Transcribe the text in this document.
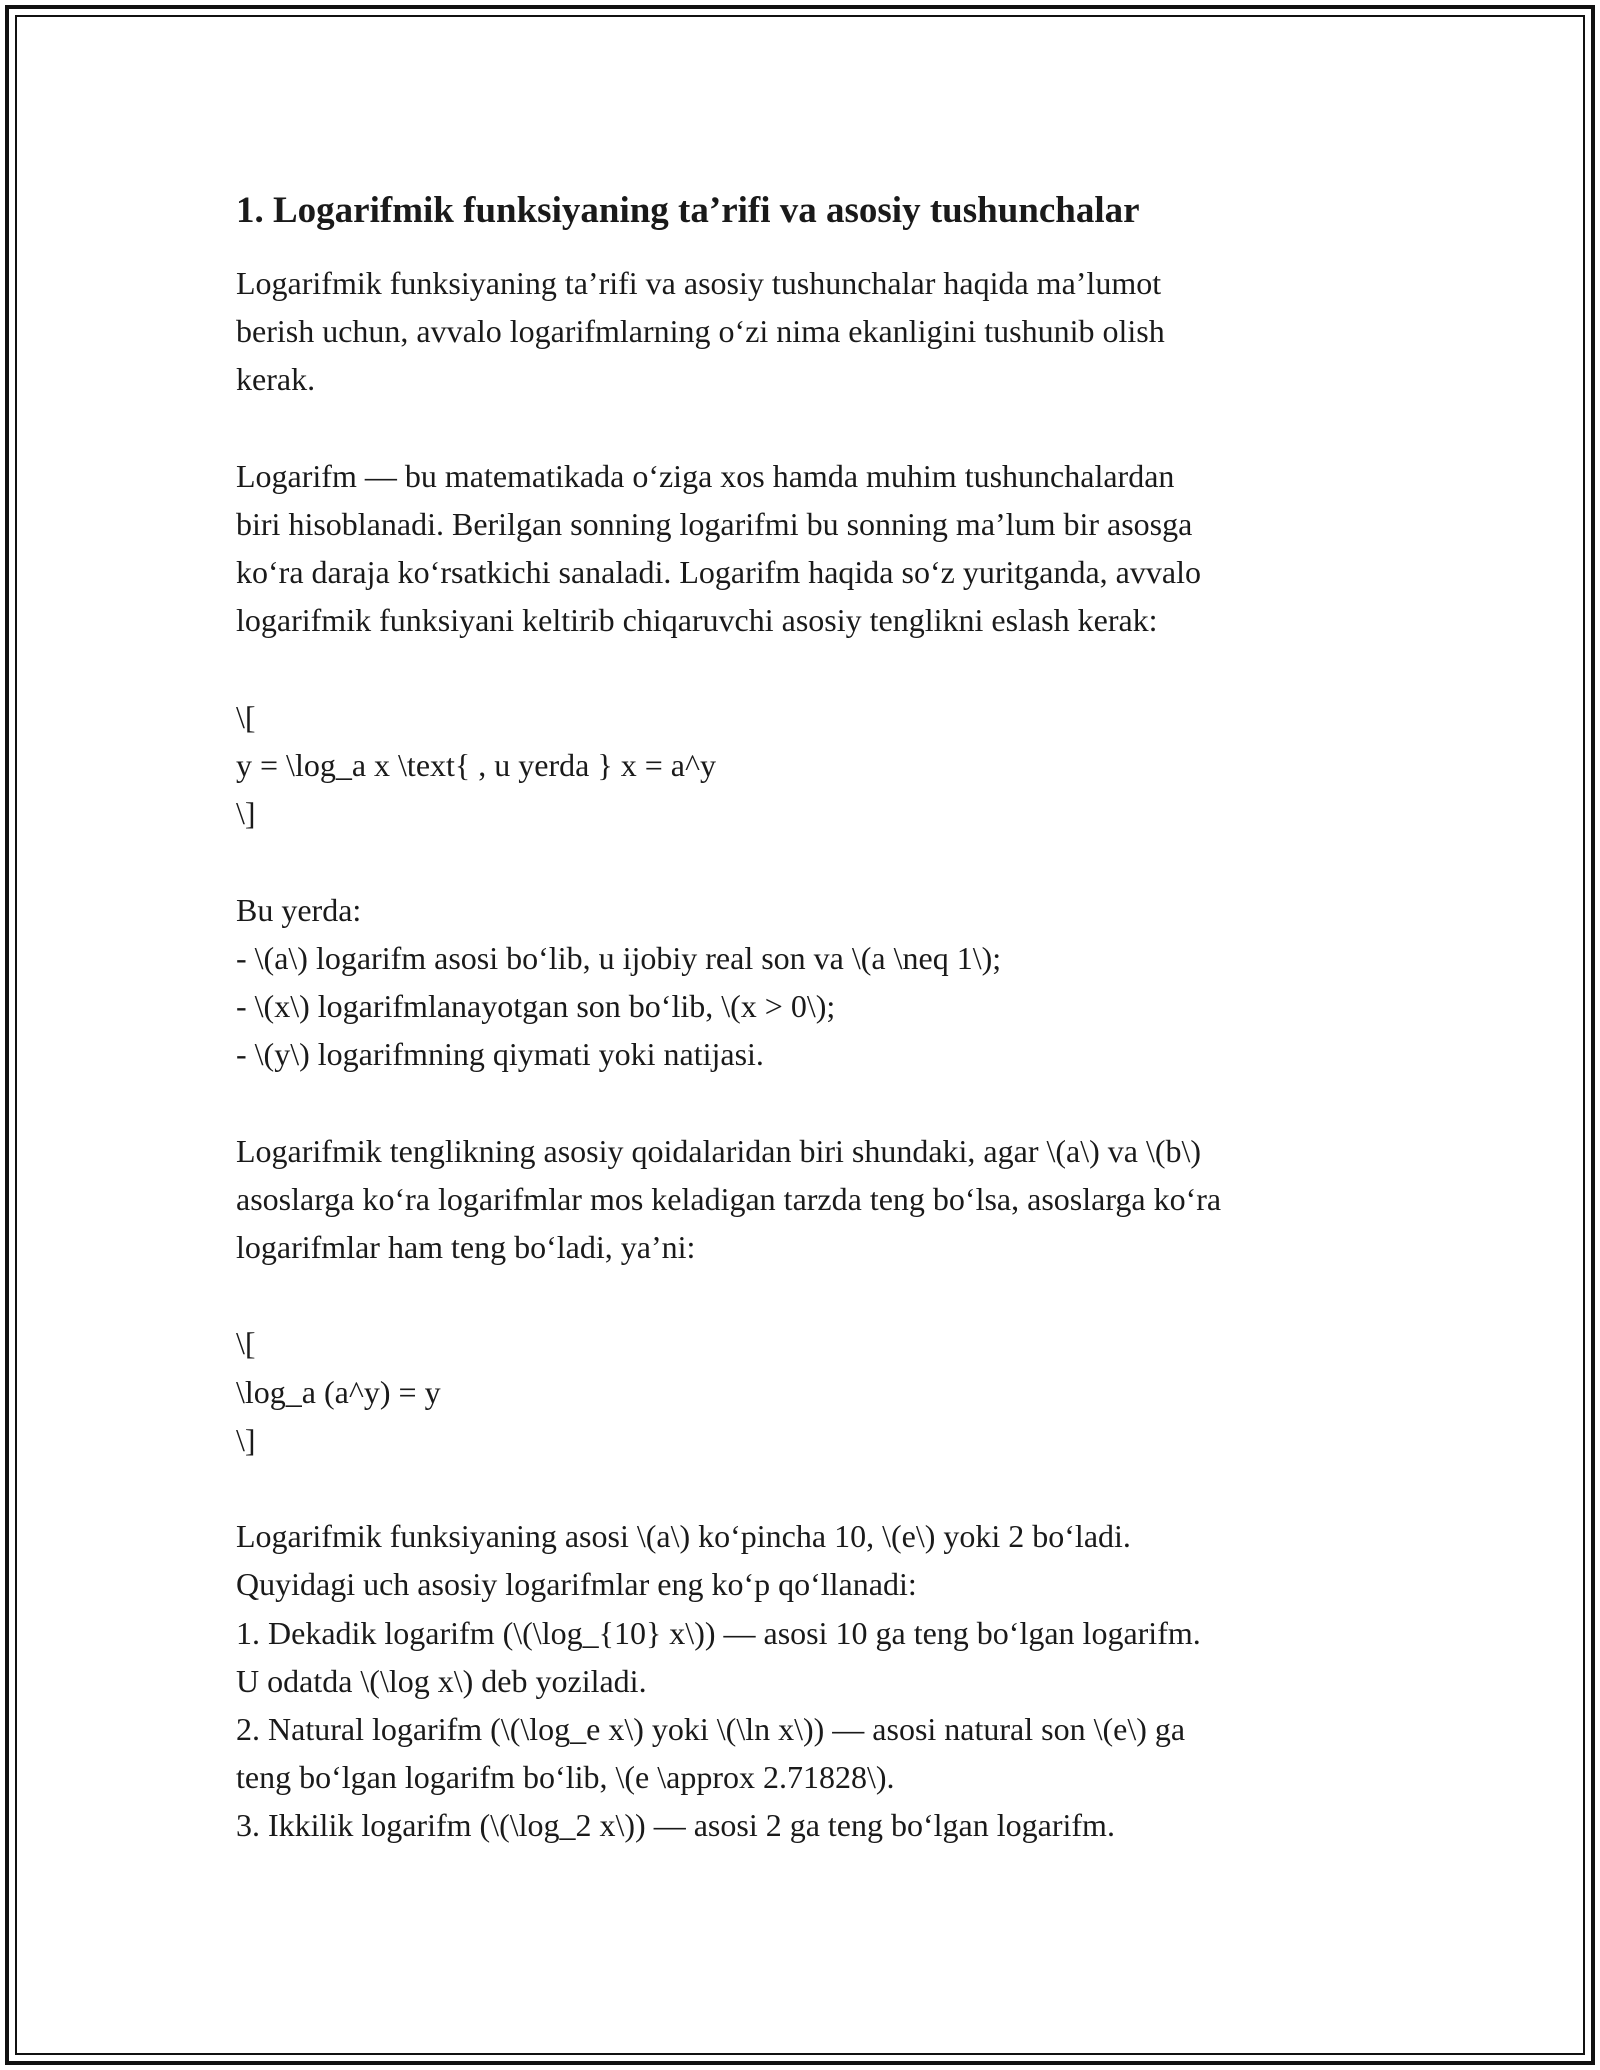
1. Logarifmik funksiyaning ta’rifi va asosiy tushunchalar

Logarifmik funksiyaning ta’rifi va asosiy tushunchalar haqida ma’lumot
berish uchun, avvalo logarifmlarning o‘zi nima ekanligini tushunib olish
kerak.

Logarifm — bu matematikada o‘ziga xos hamda muhim tushunchalardan
biri hisoblanadi. Berilgan sonning logarifmi bu sonning ma’lum bir asosga
ko‘ra daraja ko‘rsatkichi sanaladi. Logarifm haqida so‘z yuritganda, avvalo
logarifmik funksiyani keltirib chiqaruvchi asosiy tenglikni eslash kerak:

\[
y = \log_a x \text{ , u yerda } x = a^y
\]

Bu yerda:
- \(a\) logarifm asosi bo‘lib, u ijobiy real son va \(a \neq 1\);
- \(x\) logarifmlanayotgan son bo‘lib, \(x > 0\);
- \(y\) logarifmning qiymati yoki natijasi.

Logarifmik tenglikning asosiy qoidalaridan biri shundaki, agar \(a\) va \(b\)
asoslarga ko‘ra logarifmlar mos keladigan tarzda teng bo‘lsa, asoslarga ko‘ra
logarifmlar ham teng bo‘ladi, ya’ni:

\[
\log_a (a^y) = y
\]

Logarifmik funksiyaning asosi \(a\) ko‘pincha 10, \(e\) yoki 2 bo‘ladi.
Quyidagi uch asosiy logarifmlar eng ko‘p qo‘llanadi:
1. Dekadik logarifm (\(\log_{10} x\)) — asosi 10 ga teng bo‘lgan logarifm.
U odatda \(\log x\) deb yoziladi.
2. Natural logarifm (\(\log_e x\) yoki \(\ln x\)) — asosi natural son \(e\) ga
teng bo‘lgan logarifm bo‘lib, \(e \approx 2.71828\).
3. Ikkilik logarifm (\(\log_2 x\)) — asosi 2 ga teng bo‘lgan logarifm.
